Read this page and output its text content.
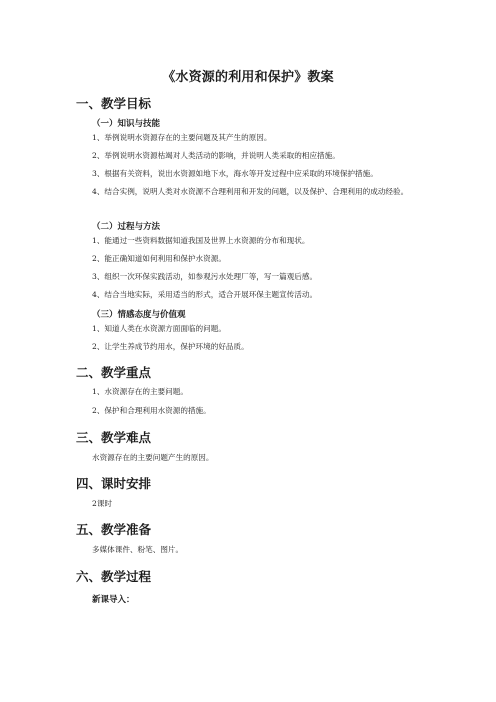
《水资源的利用和保护》教案
一、教学目标
（一）知识与技能
1、举例说明水资源存在的主要问题及其产生的原因。
2、举例说明水资源枯竭对人类活动的影响，并说明人类采取的相应措施。
3、根据有关资料，说出水资源如地下水，海水等开发过程中应采取的环境保护措施。
4、结合实例，说明人类对水资源不合理利用和开发的问题，以及保护、合理利用的成动经验。
（二）过程与方法
1、能通过一些资料数据知道我国及世界上水资源的分布和现状。
2、能正确知道如何利用和保护水资源。
3、组织一次环保实践活动，如参观污水处理厂等，写一篇观后感。
4、结合当地实际，采用适当的形式，适合开展环保主题宣传活动。
（三）情感态度与价值观
1、知道人类在水资源方面面临的问题。
2、让学生养成节约用水，保护环境的好品质。
二、教学重点
1、水资源存在的主要问题。
2、保护和合理利用水资源的措施。
三、教学难点
水资源存在的主要问题产生的原因。
四、课时安排
2课时
五、教学准备
多媒体课件、粉笔、图片。
六、教学过程
新课导入：
